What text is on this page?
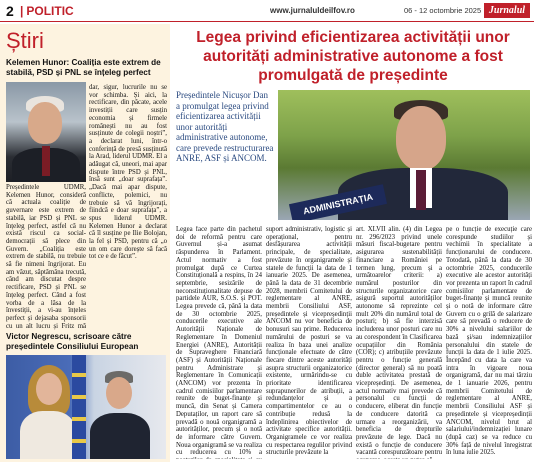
2
|	POLITIC	www.jurnaluldeilfov.ro	06 - 12 octombrie 2025 Jurnalul
Știri
Kelemen Hunor: Coaliția este extrem de stabilă, PSD și PNL se înțeleg perfect
Președintele UDMR, Kelemen Hunor, consideră că actuala coaliție de guvernare este extrem de stabilă, iar PSD și PNL se înțeleg perfect, astfel că nu există riscul ca social-democrații să plece din Guvern. „Coaliția este extrem de stabilă, nu trebuie să fie nimeni îngrijorat. Eu am văzut, săptămâna trecută, când am discutat despre rectificare, PSD și PNL se înțeleg perfect. Când a fost vorba de a lăsa de la învestiții, a vi-au înțeles perfect și dejasaba sponsorii cu un alt lucru și Fritz mă
dar, sigur, lucrurile nu se vor schimba. Și aici, la rectificare, din păcate, acele investiții care susțin economia și firmele românești nu au fost susținute de colegii noștri”, a declarat luni, într-o conferință de presă susținută la Arad, liderul UDMR. El a adăugat că, uneori, mai apar dispute între PSD și PNL, însă sunt „doar suprafața”. „Dacă mai apar dispute, conflicte, polemici, nu trebuie să vă îngrijorați, fiindcă e doar suprafața”, a spus liderul UDMR. Kelemen Hunor a declarat că îl susține pe Ilie Bolojan, la fel și PSD, pentru că „o un om care dorește să facă tot ce e de făcut”.
Victor Negrescu, scrisoare către președintele Consiliului European
Legea privind eficientizarea activității unor autorități administrative autonome a fost promulgată de președinte

Președintele Nicușor Dan a promulgat legea privind eficientizarea activității unor autorități administrative autonome, care prevede restructurarea ANRE, ASF și ANCOM.

ADMINISTRAȚIA
Legea face parte din pachetul doi de reformă pentru care Guvernul și-a asumat răspunderea în Parlament. Actul normativ a fost promulgat după ce Curtea Constituțională a respins, în 24 septembrie, sesizările de neconstituționalitate depuse de partidele AUR, S.O.S. și POT. Legea prevede că, până la data de 30 octombrie 2025, conducerile executive ale Autorității Naționale de Reglementare în Domeniul Energiei (ANRE), Autorității de Supraveghere Financiară (ASF) și Autorității Naționale pentru Administrare și Reglementare în Comunicații (ANCOM) vor prezenta în cadrul comisiilor parlamentare reunite de buget-finanțe și muncă, din Senat și Camera Deputaților, un raport care să prevadă o nouă organigramă a autorităților, precum și o notă de informare către Guvern. Noua organigramă se va realiza cu reducerea cu 10% a
suport administrativ, logistic și operațional, pentru desfășurarea activității principale, de specialitate, prevăzute în organigramele și statele de funcții la data de 1 ianuarie 2025. De asemenea, până la data de 31 decembrie 2028, membrii Comitetului de reglementare al ANRE, membrii Consiliului ASF, președintele și vicepreședinții ANCOM nu vor beneficia de bonusuri sau primе. Reducerea numărului de posturi se va realiza în baza unei analize funcționale efectuate de către fiecare dintre aceste autorități asupra structurii organizatorice existente, urmărindu-se cu prioritate identificarea suprapunerilor de atribuții, a redundanțelor și a compartimentelor ce au o contribuție redusă la îndeplinirea obiectivelor de activitate specifice autorității. Organigramele ce vor realiza cu respectarea regulilor privind structurile prevăzute la
art. XLVII alin. (4) din Legea nr. 296/2023 privind unele măsuri fiscal-bugetare pentru asigurarea sustenabilității financiare a României pe termen lung, precum și a următoarelor criterii: a) numărul posturilor din structurile organizatorice care asigură suportul autorităților autonome să reprezinte cel mult 20% din numărul total de posturi; b) să fie interzisă includerea unor posturi care nu au corespondent în Clasificarea ocupațiilor din România (COR); c) atribuțiile prevăzute pentru o funcție generală (director general) să nu poată duble activitatea prestată de vicepreședinți. De asemenea, actul normativ mai prevede că personalul cu funcții de conducere, eliberat din funcție de conducere datorită ca urmare a reorganizării, va beneficia de drepturile prevăzute de lege. Dacă nu există o funcție de conducere vacantă corespunzătoare pentru
pe o funcție de execuție care corespunde studiilor și vechimii în specialitate a funcționarului de conducere. Totodată, până la data de 30 octombrie 2025, conducerile executive ale acestor autorități vor prezenta un raport în cadrul comisiilor parlamentare de buget-finanțe și muncă reunite și o notă de informare către Guvern cu o grilă de salarizare care să prevadă o reducere de 30% a nivelului salariilor de bază și/sau indemnizațiilor personalului din statele de funcții la data de 1 iulie 2025. Începând cu data la care va intra în vigoare noua organigramă, dar nu mai târziu de 1 ianuarie 2026, pentru membrii Comitetului de reglementare al ANRE, membrii Consiliului ASF și președintele și vicepreședinții ANCOM, nivelul brut al salariului/indemnizației lunare (după caz) se va reduce cu 30% față de nivelul înregistrat în luna iulie 2025.
